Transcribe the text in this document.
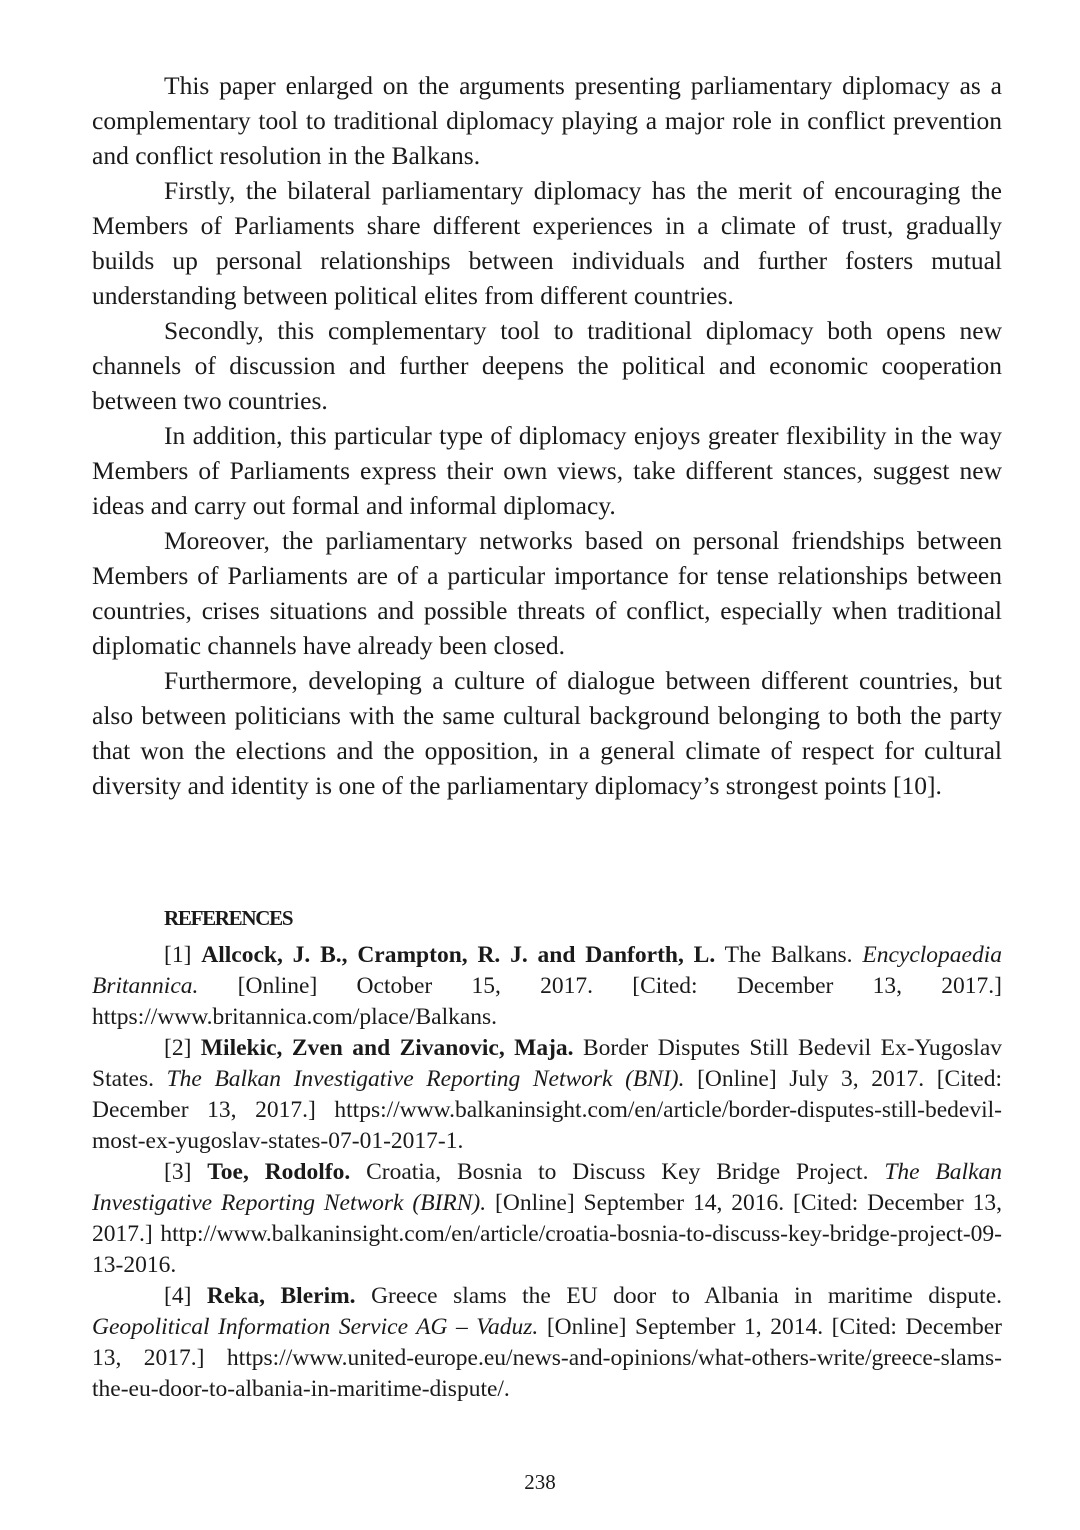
This paper enlarged on the arguments presenting parliamentary diplomacy as a complementary tool to traditional diplomacy playing a major role in conflict prevention and conflict resolution in the Balkans.

Firstly, the bilateral parliamentary diplomacy has the merit of encouraging the Members of Parliaments share different experiences in a climate of trust, gradually builds up personal relationships between individuals and further fosters mutual understanding between political elites from different countries.

Secondly, this complementary tool to traditional diplomacy both opens new channels of discussion and further deepens the political and economic cooperation between two countries.

In addition, this particular type of diplomacy enjoys greater flexibility in the way Members of Parliaments express their own views, take different stances, suggest new ideas and carry out formal and informal diplomacy.

Moreover, the parliamentary networks based on personal friendships between Members of Parliaments are of a particular importance for tense relationships between countries, crises situations and possible threats of conflict, especially when traditional diplomatic channels have already been closed.

Furthermore, developing a culture of dialogue between different countries, but also between politicians with the same cultural background belonging to both the party that won the elections and the opposition, in a general climate of respect for cultural diversity and identity is one of the parliamentary diplomacy’s strongest points [10].

REFERENCES

[1] Allcock, J. B., Crampton, R. J. and Danforth, L. The Balkans. Encyclopaedia Britannica. [Online] October 15, 2017. [Cited: December 13, 2017.] https://www.britannica.com/place/Balkans.

[2] Milekic, Zven and Zivanovic, Maja. Border Disputes Still Bedevil Ex-Yugoslav States. The Balkan Investigative Reporting Network (BNI). [Online] July 3, 2017. [Cited: December 13, 2017.] https://www.balkaninsight.com/en/article/border-disputes-still-bedevil-most-ex-yugoslav-states-07-01-2017-1.

[3] Toe, Rodolfo. Croatia, Bosnia to Discuss Key Bridge Project. The Balkan Investigative Reporting Network (BIRN). [Online] September 14, 2016. [Cited: December 13, 2017.] http://www.balkaninsight.com/en/article/croatia-bosnia-to-discuss-key-bridge-project-09-13-2016.

[4] Reka, Blerim. Greece slams the EU door to Albania in maritime dispute. Geopolitical Information Service AG – Vaduz. [Online] September 1, 2014. [Cited: December 13, 2017.] https://www.united-europe.eu/news-and-opinions/what-others-write/greece-slams-the-eu-door-to-albania-in-maritime-dispute/.

238
